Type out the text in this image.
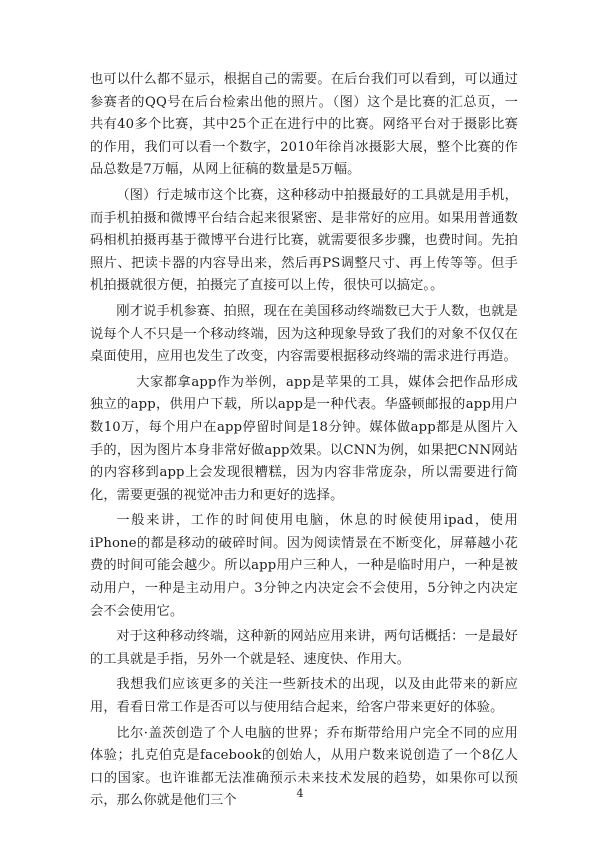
也可以什么都不显示，根据自己的需要。在后台我们可以看到，可以通过参赛者的QQ号在后台检索出他的照片。（图）这个是比赛的汇总页，一共有40多个比赛，其中25个正在进行中的比赛。网络平台对于摄影比赛的作用，我们可以看一个数字，2010年徐肖冰摄影大展，整个比赛的作品总数是7万幅，从网上征稿的数量是5万幅。

（图）行走城市这个比赛，这种移动中拍摄最好的工具就是用手机，而手机拍摄和微博平台结合起来很紧密、是非常好的应用。如果用普通数码相机拍摄再基于微博平台进行比赛，就需要很多步骤，也费时间。先拍照片、把读卡器的内容导出来，然后再PS调整尺寸、再上传等等。但手机拍摄就很方便，拍摄完了直接可以上传，很快可以搞定。。

刚才说手机参赛、拍照，现在在美国移动终端数已大于人数，也就是说每个人不只是一个移动终端，因为这种现象导致了我们的对象不仅仅在桌面使用，应用也发生了改变，内容需要根据移动终端的需求进行再造。

大家都拿app作为举例，app是苹果的工具，媒体会把作品形成独立的app，供用户下载，所以app是一种代表。华盛顿邮报的app用户数10万，每个用户在app停留时间是18分钟。媒体做app都是从图片入手的，因为图片本身非常好做app效果。以CNN为例，如果把CNN网站的内容移到app上会发现很糟糕，因为内容非常庞杂，所以需要进行简化，需要更强的视觉冲击力和更好的选择。

一般来讲，工作的时间使用电脑，休息的时候使用ipad，使用iPhone的都是移动的破碎时间。因为阅读情景在不断变化，屏幕越小花费的时间可能会越少。所以app用户三种人，一种是临时用户，一种是被动用户，一种是主动用户。3分钟之内决定会不会使用，5分钟之内决定会不会使用它。

对于这种移动终端，这种新的网站应用来讲，两句话概括：一是最好的工具就是手指，另外一个就是轻、速度快、作用大。

我想我们应该更多的关注一些新技术的出现，以及由此带来的新应用，看看日常工作是否可以与使用结合起来，给客户带来更好的体验。

比尔·盖茨创造了个人电脑的世界；乔布斯带给用户完全不同的应用体验；扎克伯克是facebook的创始人，从用户数来说创造了一个8亿人口的国家。也许谁都无法准确预示未来技术发展的趋势，如果你可以预示，那么你就是他们三个	4
